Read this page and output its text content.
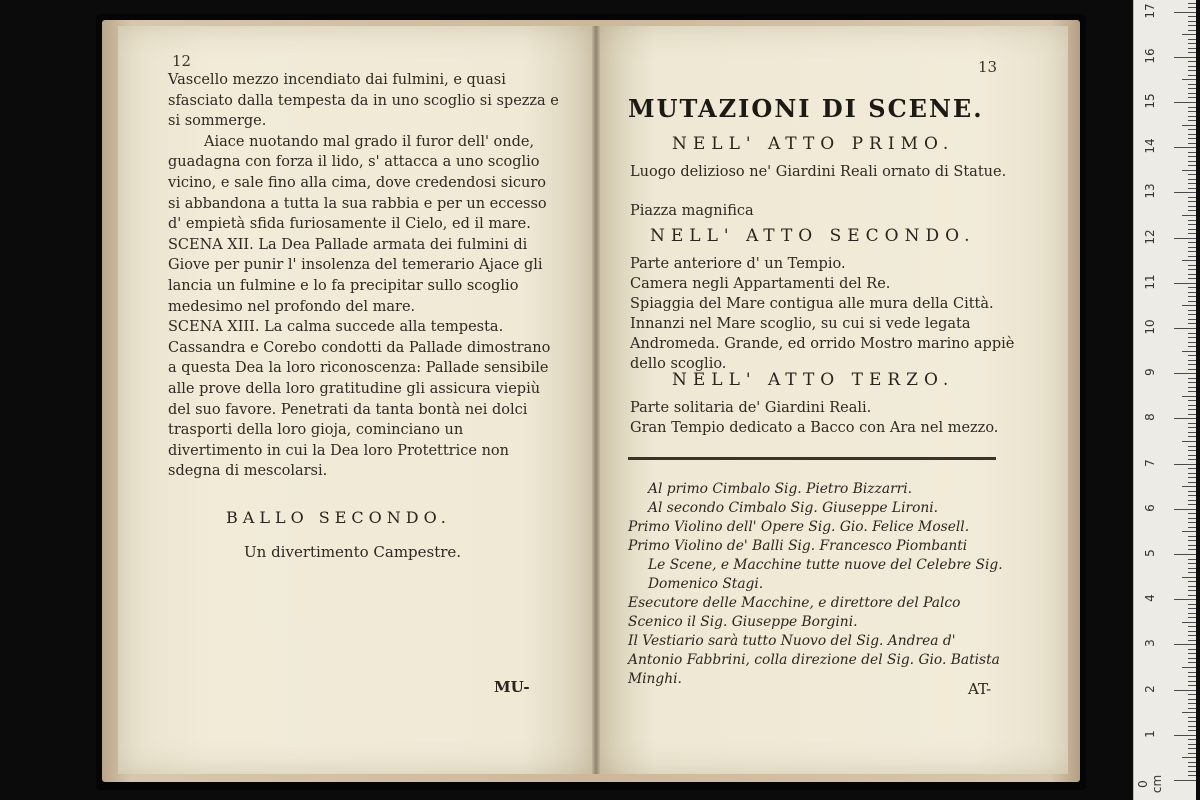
12

Vascello mezzo incendiato dai fulmini, e quasi sfasciato dalla tempesta da in uno scoglio si spezza e si sommerge.

Aiace nuotando mal grado il furor dell' onde, guadagna con forza il lido, s' attacca a uno scoglio vicino, e sale fino alla cima, dove credendosi sicuro si abbandona a tutta la sua rabbia e per un eccesso d' empietà sfida furiosamente il Cielo, ed il mare.

SCENA XII. La Dea Pallade armata dei fulmini di Giove per punir l' insolenza del temerario Ajace gli lancia un fulmine e lo fa precipitar sullo scoglio medesimo nel profondo del mare.

SCENA XIII. La calma succede alla tempesta. Cassandra e Corebo condotti da Pallade dimostrano a questa Dea la loro riconoscenza: Pallade sensibile alle prove della loro gratitudine gli assicura viepiù del suo favore. Penetrati da tanta bontà nei dolci trasporti della loro gioja, cominciano un divertimento in cui la Dea loro Protettrice non sdegna di mescolarsi.

BALLO SECONDO.
Un divertimento Campestre.
MU-
13
MUTAZIONI DI SCENE.
NELL' ATTO PRIMO.
Luogo delizioso ne' Giardini Reali ornato di Statue.
Piazza magnifica
NELL' ATTO SECONDO.
Parte anteriore d' un Tempio.
Camera negli Appartamenti del Re.
Spiaggia del Mare contigua alle mura della Città. Innanzi nel Mare scoglio, su cui si vede legata Andromeda. Grande, ed orrido Mostro marino appiè dello scoglio.
NELL' ATTO TERZO.
Parte solitaria de' Giardini Reali.
Gran Tempio dedicato a Bacco con Ara nel mezzo.

Al primo Cimbalo Sig. Pietro Bizzarri.

Al secondo Cimbalo Sig. Giuseppe Lironi.

Primo Violino dell' Opere Sig. Gio. Felice Mosell.

Primo Violino de' Balli Sig. Francesco Piombanti

Le Scene, e Macchine tutte nuove del Celebre Sig. Domenico Stagi.

Esecutore delle Macchine, e direttore del Palco Scenico il Sig. Giuseppe Borgini.

Il Vestiario sarà tutto Nuovo del Sig. Andrea d' Antonio Fabbrini, colla direzione del Sig. Gio. Batista Minghi.

AT-
0 cm
1
2
3
4
5
6
7
8
9
10
11
12
13
14
15
16
17
